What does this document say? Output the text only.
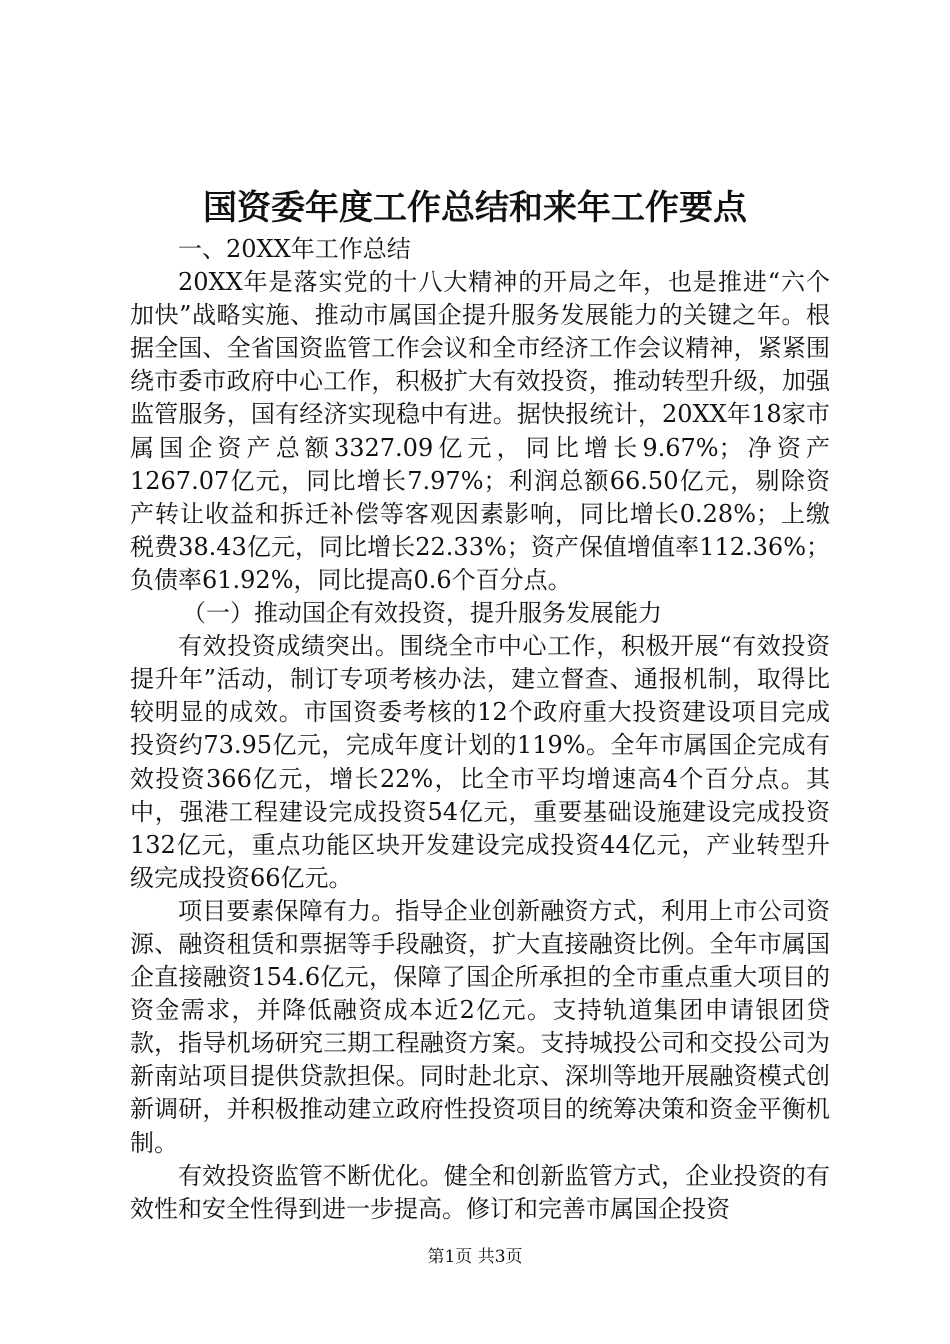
国资委年度工作总结和来年工作要点

一、20XX年工作总结

20XX年是落实党的十八大精神的开局之年，也是推进“六个加快”战略实施、推动市属国企提升服务发展能力的关键之年。根据全国、全省国资监管工作会议和全市经济工作会议精神，紧紧围绕市委市政府中心工作，积极扩大有效投资，推动转型升级，加强监管服务，国有经济实现稳中有进。据快报统计，20XX年18家市属国企资产总额3327.09亿元，同比增长9.67%；净资产1267.07亿元，同比增长7.97%；利润总额66.50亿元，剔除资产转让收益和拆迁补偿等客观因素影响，同比增长0.28%；上缴税费38.43亿元，同比增长22.33%；资产保值增值率112.36%；负债率61.92%，同比提高0.6个百分点。

（一）推动国企有效投资，提升服务发展能力

有效投资成绩突出。围绕全市中心工作，积极开展“有效投资提升年”活动，制订专项考核办法，建立督查、通报机制，取得比较明显的成效。市国资委考核的12个政府重大投资建设项目完成投资约73.95亿元，完成年度计划的119%。全年市属国企完成有效投资366亿元，增长22%，比全市平均增速高4个百分点。其中，强港工程建设完成投资54亿元，重要基础设施建设完成投资132亿元，重点功能区块开发建设完成投资44亿元，产业转型升级完成投资66亿元。

项目要素保障有力。指导企业创新融资方式，利用上市公司资源、融资租赁和票据等手段融资，扩大直接融资比例。全年市属国企直接融资154.6亿元，保障了国企所承担的全市重点重大项目的资金需求，并降低融资成本近2亿元。支持轨道集团申请银团贷款，指导机场研究三期工程融资方案。支持城投公司和交投公司为新南站项目提供贷款担保。同时赴北京、深圳等地开展融资模式创新调研，并积极推动建立政府性投资项目的统筹决策和资金平衡机制。

有效投资监管不断优化。健全和创新监管方式，企业投资的有效性和安全性得到进一步提高。修订和完善市属国企投资

第1页 共3页
